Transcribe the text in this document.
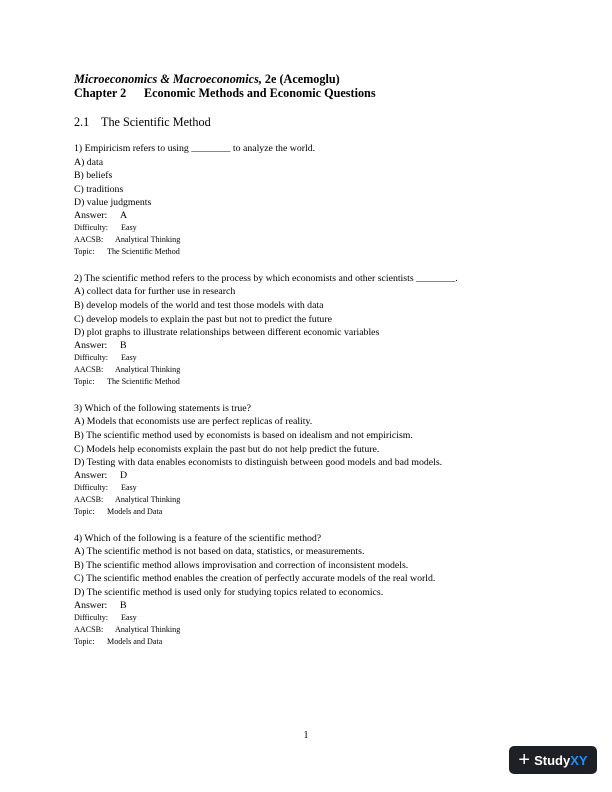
Microeconomics & Macroeconomics, 2e (Acemoglu)
Chapter 2 Economic Methods and Economic Questions
2.1 The Scientific Method
1) Empiricism refers to using ________ to analyze the world.
A) data
B) beliefs
C) traditions
D) value judgments
Answer: A
Difficulty: Easy
AACSB: Analytical Thinking
Topic: The Scientific Method
2) The scientific method refers to the process by which economists and other scientists ________.
A) collect data for further use in research
B) develop models of the world and test those models with data
C) develop models to explain the past but not to predict the future
D) plot graphs to illustrate relationships between different economic variables
Answer: B
Difficulty: Easy
AACSB: Analytical Thinking
Topic: The Scientific Method
3) Which of the following statements is true?
A) Models that economists use are perfect replicas of reality.
B) The scientific method used by economists is based on idealism and not empiricism.
C) Models help economists explain the past but do not help predict the future.
D) Testing with data enables economists to distinguish between good models and bad models.
Answer: D
Difficulty: Easy
AACSB: Analytical Thinking
Topic: Models and Data
4) Which of the following is a feature of the scientific method?
A) The scientific method is not based on data, statistics, or measurements.
B) The scientific method allows improvisation and correction of inconsistent models.
C) The scientific method enables the creation of perfectly accurate models of the real world.
D) The scientific method is used only for studying topics related to economics.
Answer: B
Difficulty: Easy
AACSB: Analytical Thinking
Topic: Models and Data
1
+ Study XY
